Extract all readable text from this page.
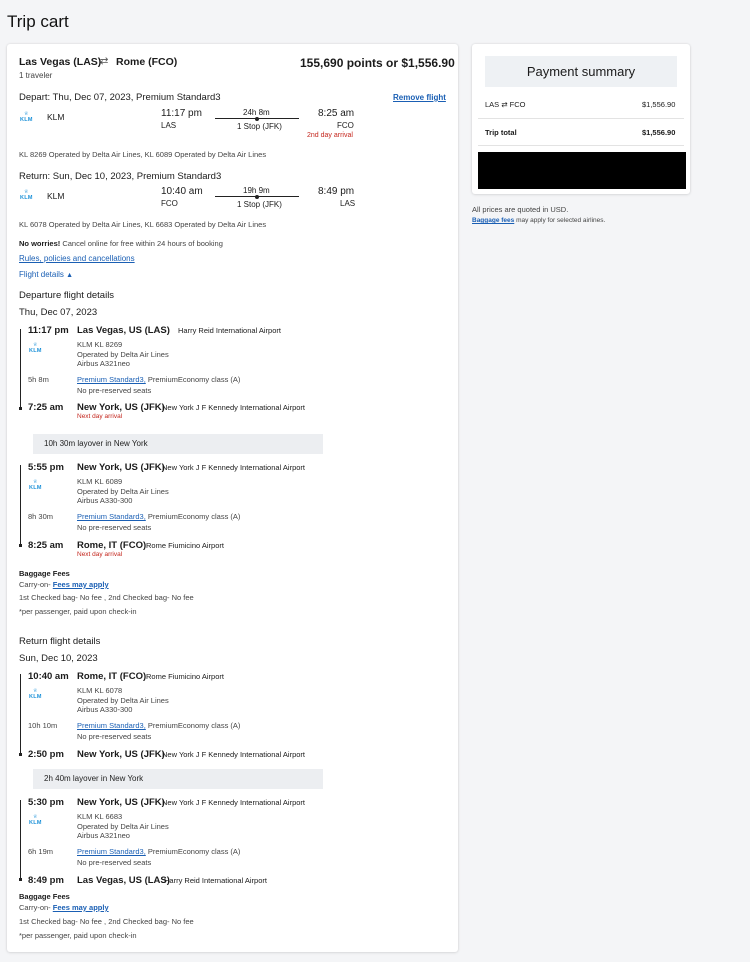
Trip cart
Las Vegas (LAS)
⇄ Rome (FCO)	155,690 points or $1,556.90
1 traveler
Depart: Thu, Dec 07, 2023, Premium Standard3	Remove flight
♕
KLM KLM	11:17 pm
LAS
24h 8m
1 Stop (JFK)
8:25 am
FCO
2nd day arrival
KL 8269 Operated by Delta Air Lines, KL 6089 Operated by Delta Air Lines
Return: Sun, Dec 10, 2023, Premium Standard3
♕
KLM KLM	10:40 am
FCO
19h 9m
1 Stop (JFK)
8:49 pm
LAS
KL 6078 Operated by Delta Air Lines, KL 6683 Operated by Delta Air Lines
No worries! Cancel online for free within 24 hours of booking
Rules, policies and cancellations
Flight details ▲
Departure flight details
Thu, Dec 07, 2023
11:17 pm Las Vegas, US (LAS) Harry Reid International Airport
♕
KLM
KLM KL 8269
Operated by Delta Air Lines
Airbus A321neo
5h 8m	Premium Standard3, PremiumEconomy class (A)
No pre-reserved seats
7:25 am New York, US (JFK)
New York J F Kennedy International Airport
Next day arrival
10h 30m layover in New York
5:55 pm New York, US (JFK)
New York J F Kennedy International Airport
♕
KLM
KLM KL 6089
Operated by Delta Air Lines
Airbus A330-300
8h 30m	Premium Standard3, PremiumEconomy class (A)
No pre-reserved seats
8:25 am Rome, IT (FCO) Rome Fiumicino Airport
Next day arrival
Baggage Fees
Carry-on- Fees may apply
1st Checked bag- No fee , 2nd Checked bag- No fee
*per passenger, paid upon check-in
Return flight details
Sun, Dec 10, 2023
10:40 am Rome, IT (FCO) Rome Fiumicino Airport
♕
KLM
KLM KL 6078
Operated by Delta Air Lines
Airbus A330-300
10h 10m	Premium Standard3, PremiumEconomy class (A)
No pre-reserved seats
2:50 pm New York, US (JFK)
New York J F Kennedy International Airport
2h 40m layover in New York
5:30 pm New York, US (JFK)
New York J F Kennedy International Airport
♕
KLM
KLM KL 6683
Operated by Delta Air Lines
Airbus A321neo
6h 19m	Premium Standard3, PremiumEconomy class (A)
No pre-reserved seats
8:49 pm Las Vegas, US (LAS)
Harry Reid International Airport
Baggage Fees
Carry-on- Fees may apply
1st Checked bag- No fee , 2nd Checked bag- No fee
*per passenger, paid upon check-in
Payment summary
LAS ⇄ FCO	$1,556.90
Trip total	$1,556.90
All prices are quoted in USD.
Baggage fees may apply for selected airlines.
